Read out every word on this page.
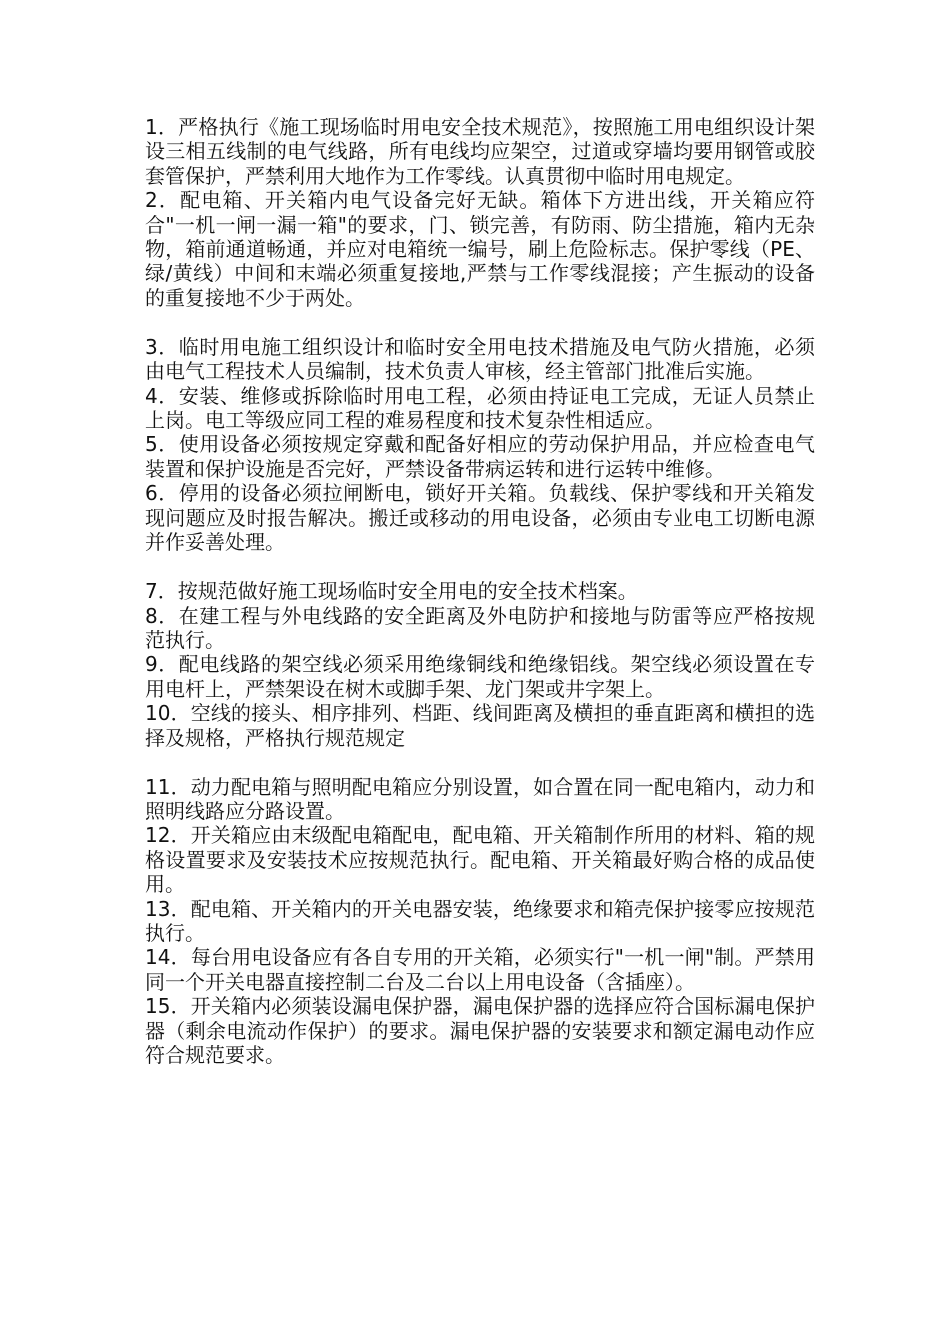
1．严格执行《施工现场临时用电安全技术规范》，按照施工用电组织设计架设三相五线制的电气线路，所有电线均应架空，过道或穿墙均要用钢管或胶套管保护，严禁利用大地作为工作零线。认真贯彻中临时用电规定。

2．配电箱、开关箱内电气设备完好无缺。箱体下方进出线，开关箱应符合"一机一闸一漏一箱"的要求，门、锁完善，有防雨、防尘措施，箱内无杂物，箱前通道畅通，并应对电箱统一编号，刷上危险标志。保护零线（PE、绿/黄线）中间和末端必须重复接地,严禁与工作零线混接；产生振动的设备的重复接地不少于两处。

3．临时用电施工组织设计和临时安全用电技术措施及电气防火措施，必须由电气工程技术人员编制，技术负责人审核，经主管部门批准后实施。

4．安装、维修或拆除临时用电工程，必须由持证电工完成，无证人员禁止上岗。电工等级应同工程的难易程度和技术复杂性相适应。

5．使用设备必须按规定穿戴和配备好相应的劳动保护用品，并应检查电气装置和保护设施是否完好，严禁设备带病运转和进行运转中维修。

6．停用的设备必须拉闸断电，锁好开关箱。负载线、保护零线和开关箱发现问题应及时报告解决。搬迁或移动的用电设备，必须由专业电工切断电源并作妥善处理。

7．按规范做好施工现场临时安全用电的安全技术档案。

8．在建工程与外电线路的安全距离及外电防护和接地与防雷等应严格按规范执行。

9．配电线路的架空线必须采用绝缘铜线和绝缘铝线。架空线必须设置在专用电杆上，严禁架设在树木或脚手架、龙门架或井字架上。

10．空线的接头、相序排列、档距、线间距离及横担的垂直距离和横担的选择及规格，严格执行规范规定

11．动力配电箱与照明配电箱应分别设置，如合置在同一配电箱内，动力和照明线路应分路设置。

12．开关箱应由末级配电箱配电，配电箱、开关箱制作所用的材料、箱的规格设置要求及安装技术应按规范执行。配电箱、开关箱最好购合格的成品使用。

13．配电箱、开关箱内的开关电器安装，绝缘要求和箱壳保护接零应按规范执行。

14．每台用电设备应有各自专用的开关箱，必须实行"一机一闸"制。严禁用同一个开关电器直接控制二台及二台以上用电设备（含插座）。

15．开关箱内必须装设漏电保护器，漏电保护器的选择应符合国标漏电保护器（剩余电流动作保护）的要求。漏电保护器的安装要求和额定漏电动作应符合规范要求。
